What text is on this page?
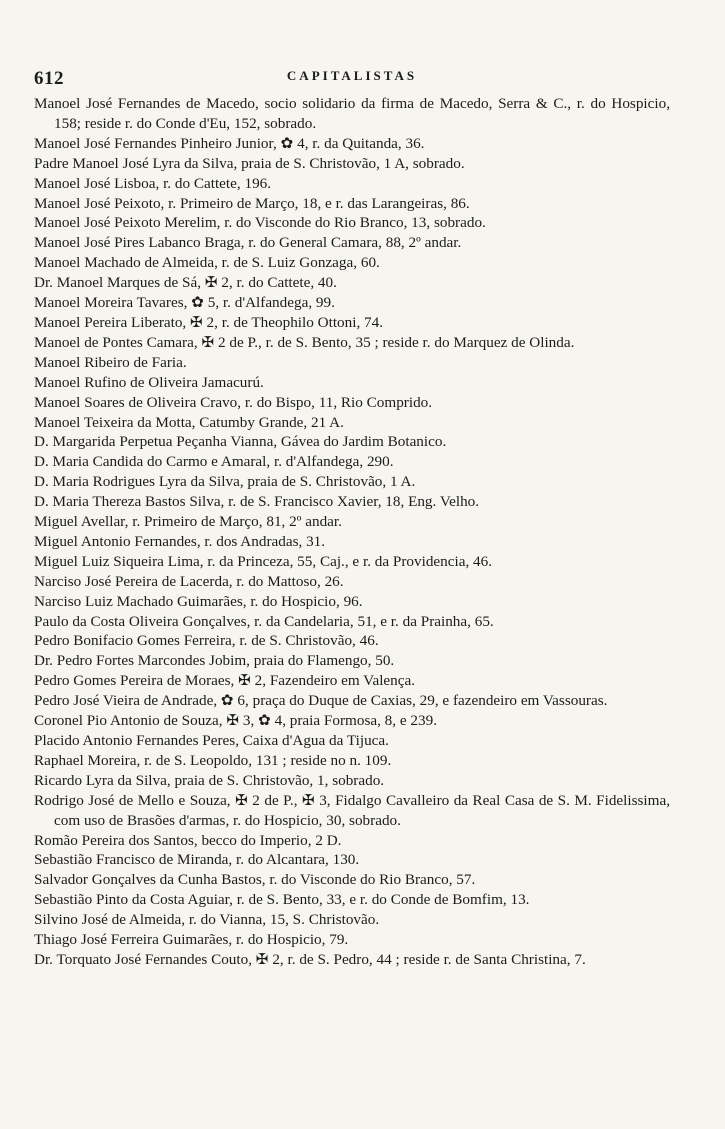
612	CAPITALISTAS
Manoel José Fernandes de Macedo, socio solidario da firma de Macedo, Serra & C., r. do Hospicio, 158; reside r. do Conde d'Eu, 152, sobrado.
Manoel José Fernandes Pinheiro Junior, ✿ 4, r. da Quitanda, 36.
Padre Manoel José Lyra da Silva, praia de S. Christovão, 1 A, sobrado.
Manoel José Lisboa, r. do Cattete, 196.
Manoel José Peixoto, r. Primeiro de Março, 18, e r. das Larangeiras, 86.
Manoel José Peixoto Merelim, r. do Visconde do Rio Branco, 13, sobrado.
Manoel José Pires Labanco Braga, r. do General Camara, 88, 2º andar.
Manoel Machado de Almeida, r. de S. Luiz Gonzaga, 60.
Dr. Manoel Marques de Sá, ✠ 2, r. do Cattete, 40.
Manoel Moreira Tavares, ✿ 5, r. d'Alfandega, 99.
Manoel Pereira Liberato, ✠ 2, r. de Theophilo Ottoni, 74.
Manoel de Pontes Camara, ✠ 2 de P., r. de S. Bento, 35 ; reside r. do Marquez de Olinda.
Manoel Ribeiro de Faria.
Manoel Rufino de Oliveira Jamacurú.
Manoel Soares de Oliveira Cravo, r. do Bispo, 11, Rio Comprido.
Manoel Teixeira da Motta, Catumby Grande, 21 A.
D. Margarida Perpetua Peçanha Vianna, Gávea do Jardim Botanico.
D. Maria Candida do Carmo e Amaral, r. d'Alfandega, 290.
D. Maria Rodrigues Lyra da Silva, praia de S. Christovão, 1 A.
D. Maria Thereza Bastos Silva, r. de S. Francisco Xavier, 18, Eng. Velho.
Miguel Avellar, r. Primeiro de Março, 81, 2º andar.
Miguel Antonio Fernandes, r. dos Andradas, 31.
Miguel Luiz Siqueira Lima, r. da Princeza, 55, Caj., e r. da Providencia, 46.
Narciso José Pereira de Lacerda, r. do Mattoso, 26.
Narciso Luiz Machado Guimarães, r. do Hospicio, 96.
Paulo da Costa Oliveira Gonçalves, r. da Candelaria, 51, e r. da Prainha, 65.
Pedro Bonifacio Gomes Ferreira, r. de S. Christovão, 46.
Dr. Pedro Fortes Marcondes Jobim, praia do Flamengo, 50.
Pedro Gomes Pereira de Moraes, ✠ 2, Fazendeiro em Valença.
Pedro José Vieira de Andrade, ✿ 6, praça do Duque de Caxias, 29, e fazendeiro em Vassouras.
Coronel Pio Antonio de Souza, ✠ 3, ✿ 4, praia Formosa, 8, e 239.
Placido Antonio Fernandes Peres, Caixa d'Agua da Tijuca.
Raphael Moreira, r. de S. Leopoldo, 131 ; reside no n. 109.
Ricardo Lyra da Silva, praia de S. Christovão, 1, sobrado.
Rodrigo José de Mello e Souza, ✠ 2 de P., ✠ 3, Fidalgo Cavalleiro da Real Casa de S. M. Fidelissima, com uso de Brasões d'armas, r. do Hospicio, 30, sobrado.
Romão Pereira dos Santos, becco do Imperio, 2 D.
Sebastião Francisco de Miranda, r. do Alcantara, 130.
Salvador Gonçalves da Cunha Bastos, r. do Visconde do Rio Branco, 57.
Sebastião Pinto da Costa Aguiar, r. de S. Bento, 33, e r. do Conde de Bomfim, 13.
Silvino José de Almeida, r. do Vianna, 15, S. Christovão.
Thiago José Ferreira Guimarães, r. do Hospicio, 79.
Dr. Torquato José Fernandes Couto, ✠ 2, r. de S. Pedro, 44 ; reside r. de Santa Christina, 7.
